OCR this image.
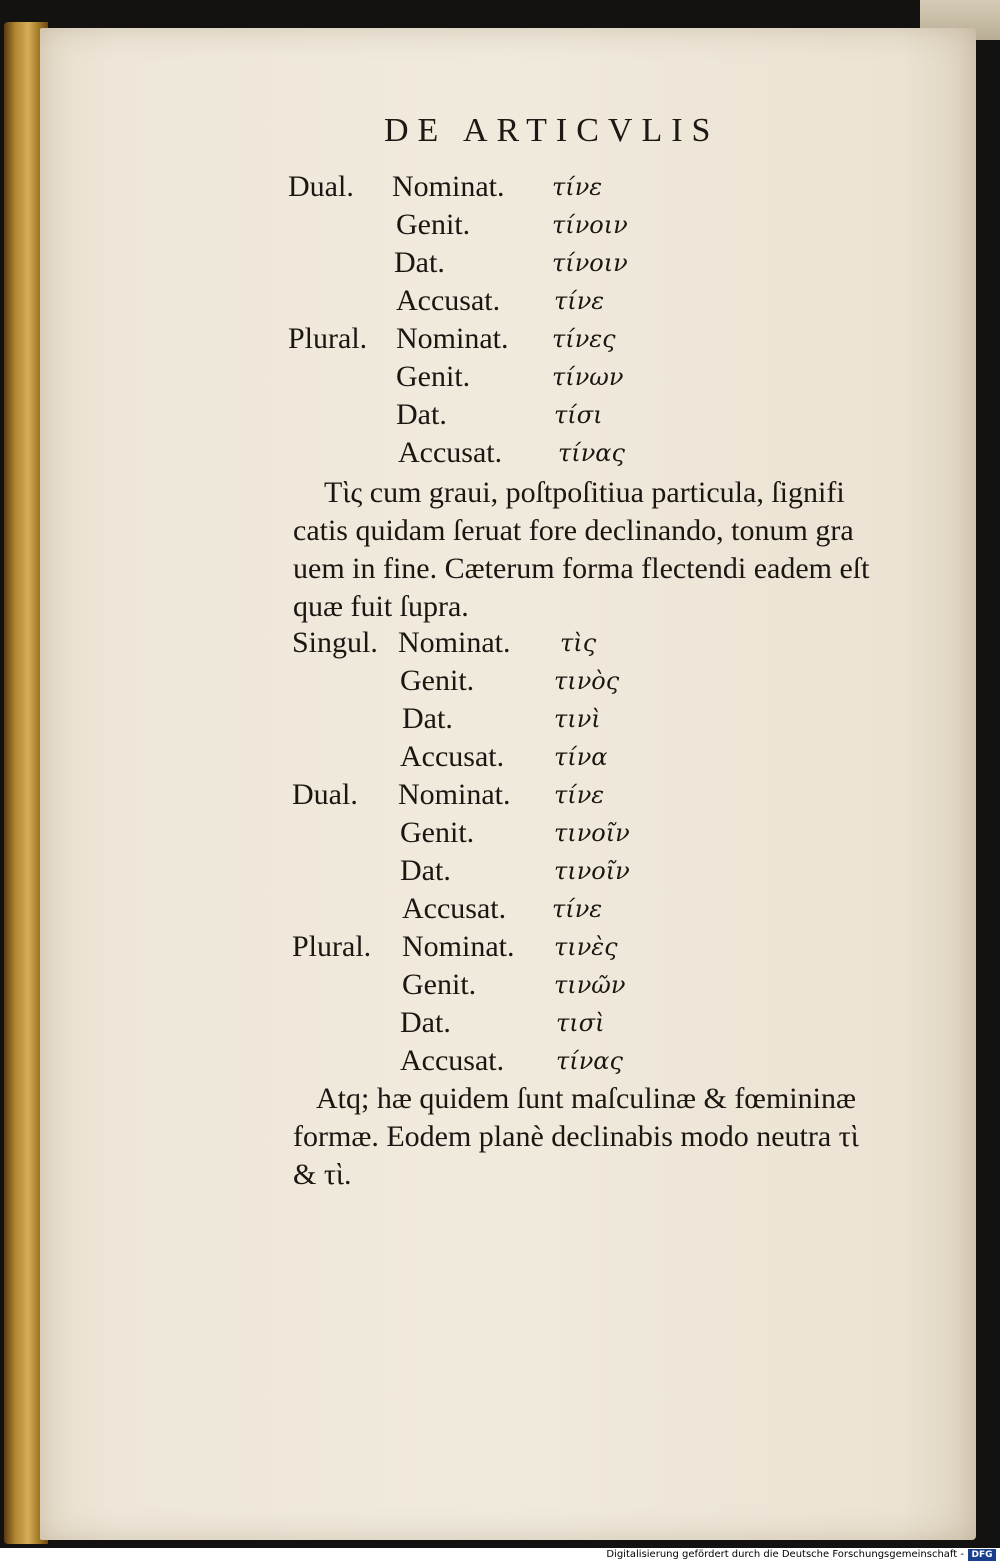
DE ARTICVLIS
Dual. Nominat. τίνε
Genit.	τίνοιν
Dat.	τίνοιν
Accusat. τίνε
Plural. Nominat. τίνες
Genit.	τίνων
Dat.	τίσι
Accusat. τίνας
Τὶς cum graui, poſtpoſitiua particula, ſignifi
catis quidam ſeruat fore declinando, tonum gra
uem in fine. Cæterum forma flectendi eadem eſt
quæ fuit ſupra.
Singul. Nominat. τὶς
Genit.	τινὸς
Dat.	τινὶ
Accusat. τίνα
Dual. Nominat. τίνε
Genit.	τινοῖν
Dat.	τινοῖν
Accusat. τίνε
Plural. Nominat. τινὲς
Genit.	τινῶν
Dat.	τισὶ
Accusat. τίνας
Atq; hæ quidem ſunt maſculinæ & fœmininæ
formæ. Eodem planè declinabis modo neutra τὶ
& τὶ.
Digitalisierung gefördert durch die Deutsche Forschungsgemeinschaft - DFG
